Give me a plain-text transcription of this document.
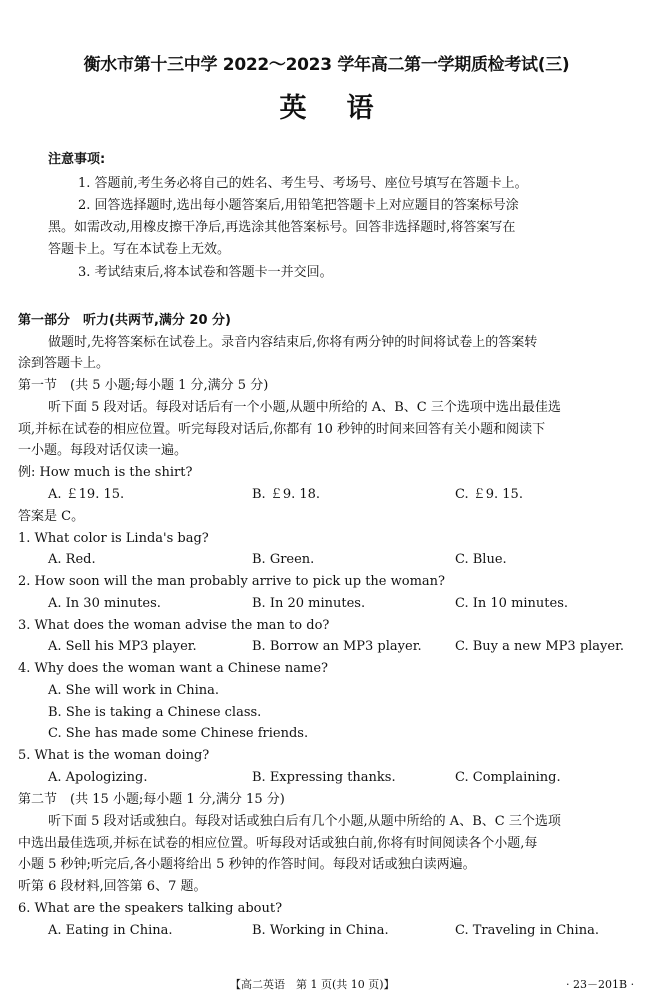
衡水市第十三中学 2022～2023 学年高二第一学期质检考试(三)
英语
注意事项:
1. 答题前,考生务必将自己的姓名、考生号、考场号、座位号填写在答题卡上。
2. 回答选择题时,选出每小题答案后,用铅笔把答题卡上对应题目的答案标号涂
黑。如需改动,用橡皮擦干净后,再选涂其他答案标号。回答非选择题时,将答案写在
答题卡上。写在本试卷上无效。
3. 考试结束后,将本试卷和答题卡一并交回。
第一部分　听力(共两节,满分 20 分)
做题时,先将答案标在试卷上。录音内容结束后,你将有两分钟的时间将试卷上的答案转
涂到答题卡上。
第一节　(共 5 小题;每小题 1 分,满分 5 分)
听下面 5 段对话。每段对话后有一个小题,从题中所给的 A、B、C 三个选项中选出最佳选
项,并标在试卷的相应位置。听完每段对话后,你都有 10 秒钟的时间来回答有关小题和阅读下
一小题。每段对话仅读一遍。
例: How much is the shirt?
A. ￡19. 15.	B. ￡9. 18.	C. ￡9. 15.
答案是 C。
1. What color is Linda's bag?
A. Red.	B. Green.	C. Blue.
2. How soon will the man probably arrive to pick up the woman?
A. In 30 minutes.	B. In 20 minutes.	C. In 10 minutes.
3. What does the woman advise the man to do?
A. Sell his MP3 player.	B. Borrow an MP3 player.	C. Buy a new MP3 player.
4. Why does the woman want a Chinese name?
A. She will work in China.
B. She is taking a Chinese class.
C. She has made some Chinese friends.
5. What is the woman doing?
A. Apologizing.	B. Expressing thanks.	C. Complaining.
第二节　(共 15 小题;每小题 1 分,满分 15 分)
听下面 5 段对话或独白。每段对话或独白后有几个小题,从题中所给的 A、B、C 三个选项
中选出最佳选项,并标在试卷的相应位置。听每段对话或独白前,你将有时间阅读各个小题,每
小题 5 秒钟;听完后,各小题将给出 5 秒钟的作答时间。每段对话或独白读两遍。
听第 6 段材料,回答第 6、7 题。
6. What are the speakers talking about?
A. Eating in China.	B. Working in China.	C. Traveling in China.
【高二英语　第 1 页(共 10 页)】	· 23－201B ·
